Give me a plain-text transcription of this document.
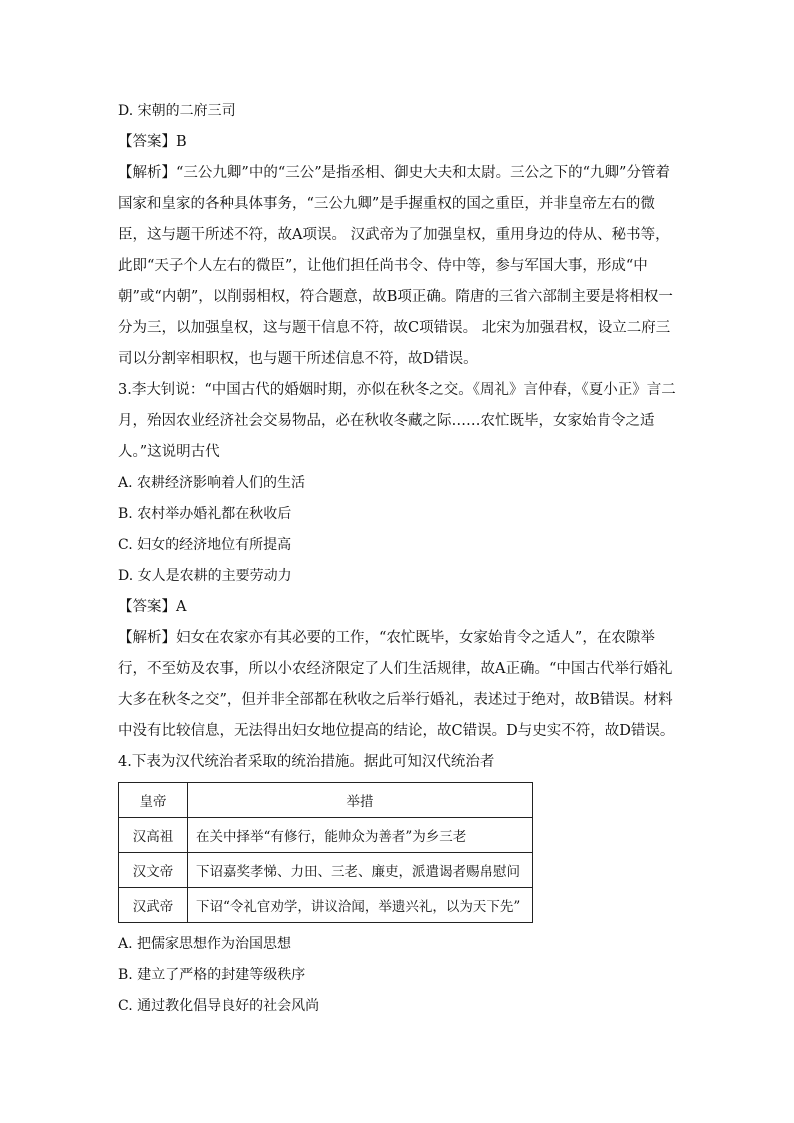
D. 宋朝的二府三司
【答案】B

【解析】“三公九卿”中的“三公”是指丞相、御史大夫和太尉。三公之下的“九卿”分管着国家和皇家的各种具体事务，“三公九卿”是手握重权的国之重臣，并非皇帝左右的微臣，这与题干所述不符，故A项误。 汉武帝为了加强皇权，重用身边的侍从、秘书等，此即“天子个人左右的微臣”，让他们担任尚书令、侍中等，参与军国大事，形成“中朝”或“内朝”，以削弱相权，符合题意，故B项正确。隋唐的三省六部制主要是将相权一分为三，以加强皇权，这与题干信息不符，故C项错误。 北宋为加强君权，设立二府三司以分割宰相职权，也与题干所述信息不符，故D错误。

3.李大钊说：“中国古代的婚姻时期，亦似在秋冬之交。《周礼》言仲春，《夏小正》言二月，殆因农业经济社会交易物品，必在秋收冬藏之际……农忙既毕，女家始肯令之适人。”这说明古代

A. 农耕经济影响着人们的生活
B. 农村举办婚礼都在秋收后
C. 妇女的经济地位有所提高
D. 女人是农耕的主要劳动力
【答案】A

【解析】妇女在农家亦有其必要的工作，“农忙既毕，女家始肯令之适人”，在农隙举行，不至妨及农事，所以小农经济限定了人们生活规律，故A正确。“中国古代举行婚礼大多在秋冬之交”，但并非全部都在秋收之后举行婚礼，表述过于绝对，故B错误。材料中没有比较信息，无法得出妇女地位提高的结论，故C错误。D与史实不符，故D错误。

4.下表为汉代统治者采取的统治措施。据此可知汉代统治者

皇帝	举措
汉高祖	在关中择举“有修行，能帅众为善者”为乡三老
汉文帝	下诏嘉奖孝悌、力田、三老、廉吏，派遣谒者赐帛慰问
汉武帝	下诏“令礼官劝学，讲议洽闻，举遗兴礼，以为天下先”
A. 把儒家思想作为治国思想
B. 建立了严格的封建等级秩序
C. 通过教化倡导良好的社会风尚
